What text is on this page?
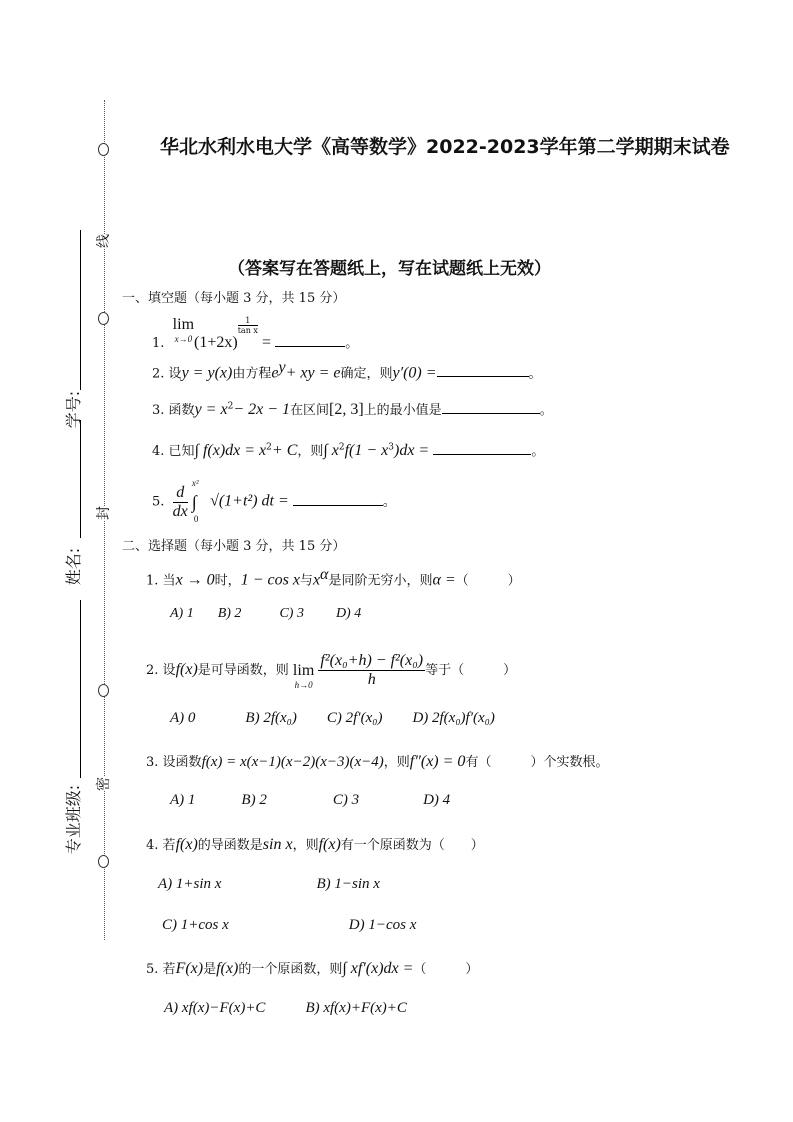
线
封
密
学号:
姓名:
专业班级:
华北水利水电大学《高等数学》2022-2023学年第二学期期末试卷
（答案写在答题纸上，写在试题纸上无效）
一、填空题（每小题 3 分，共 15 分）
1.  lim
x→0 (1+2x)
$\frac{1}{\text{tan x}}$
=	。
2. 设y = y(x)由方程$e^y+$ xy = e确定，则y′(0) =	。
3. 函数$y = x^2- 2x - 1$在区间[2, 3]上的最小值是	。
4. 已知∫ $f(x)dx = x^2+ C$，则∫ $x^2f(1 - x^3)dx$ =	。
5. $\frac{d}{dx}$

x²
∫
0
√(1+t²) dt =	。
二、选择题（每小题 3 分，共 15 分）
1. 当x → 0时，1 − cos x与$x^\alpha$是同阶无穷小，则α =（　　　）
A) 1 B) 2	C) 3 D) 4
2. 设f(x)是可导函数，则 lim
h→0
$\frac{\text{f²(x₀+h) − f²(x₀)}}{h}$ 等于（　　　）
A) 0	B) 2f(x₀) C) 2f′(x₀) D) 2f(x₀)f′(x₀)
3. 设函数f(x) = x(x−1)(x−2)(x−3)(x−4)，则f″(x) = 0有（　　　）个实数根。
A) 1	B) 2	C) 3	D) 4
4. 若f(x)的导函数是sin x，则f(x)有一个原函数为（　　）
A) 1+sin x	B) 1−sin x
C) 1+cos x	D) 1−cos x
5. 若F(x)是f(x)的一个原函数，则∫ xf′(x)dx =（　　　）
A) xf(x)−F(x)+C	B) xf(x)+F(x)+C
